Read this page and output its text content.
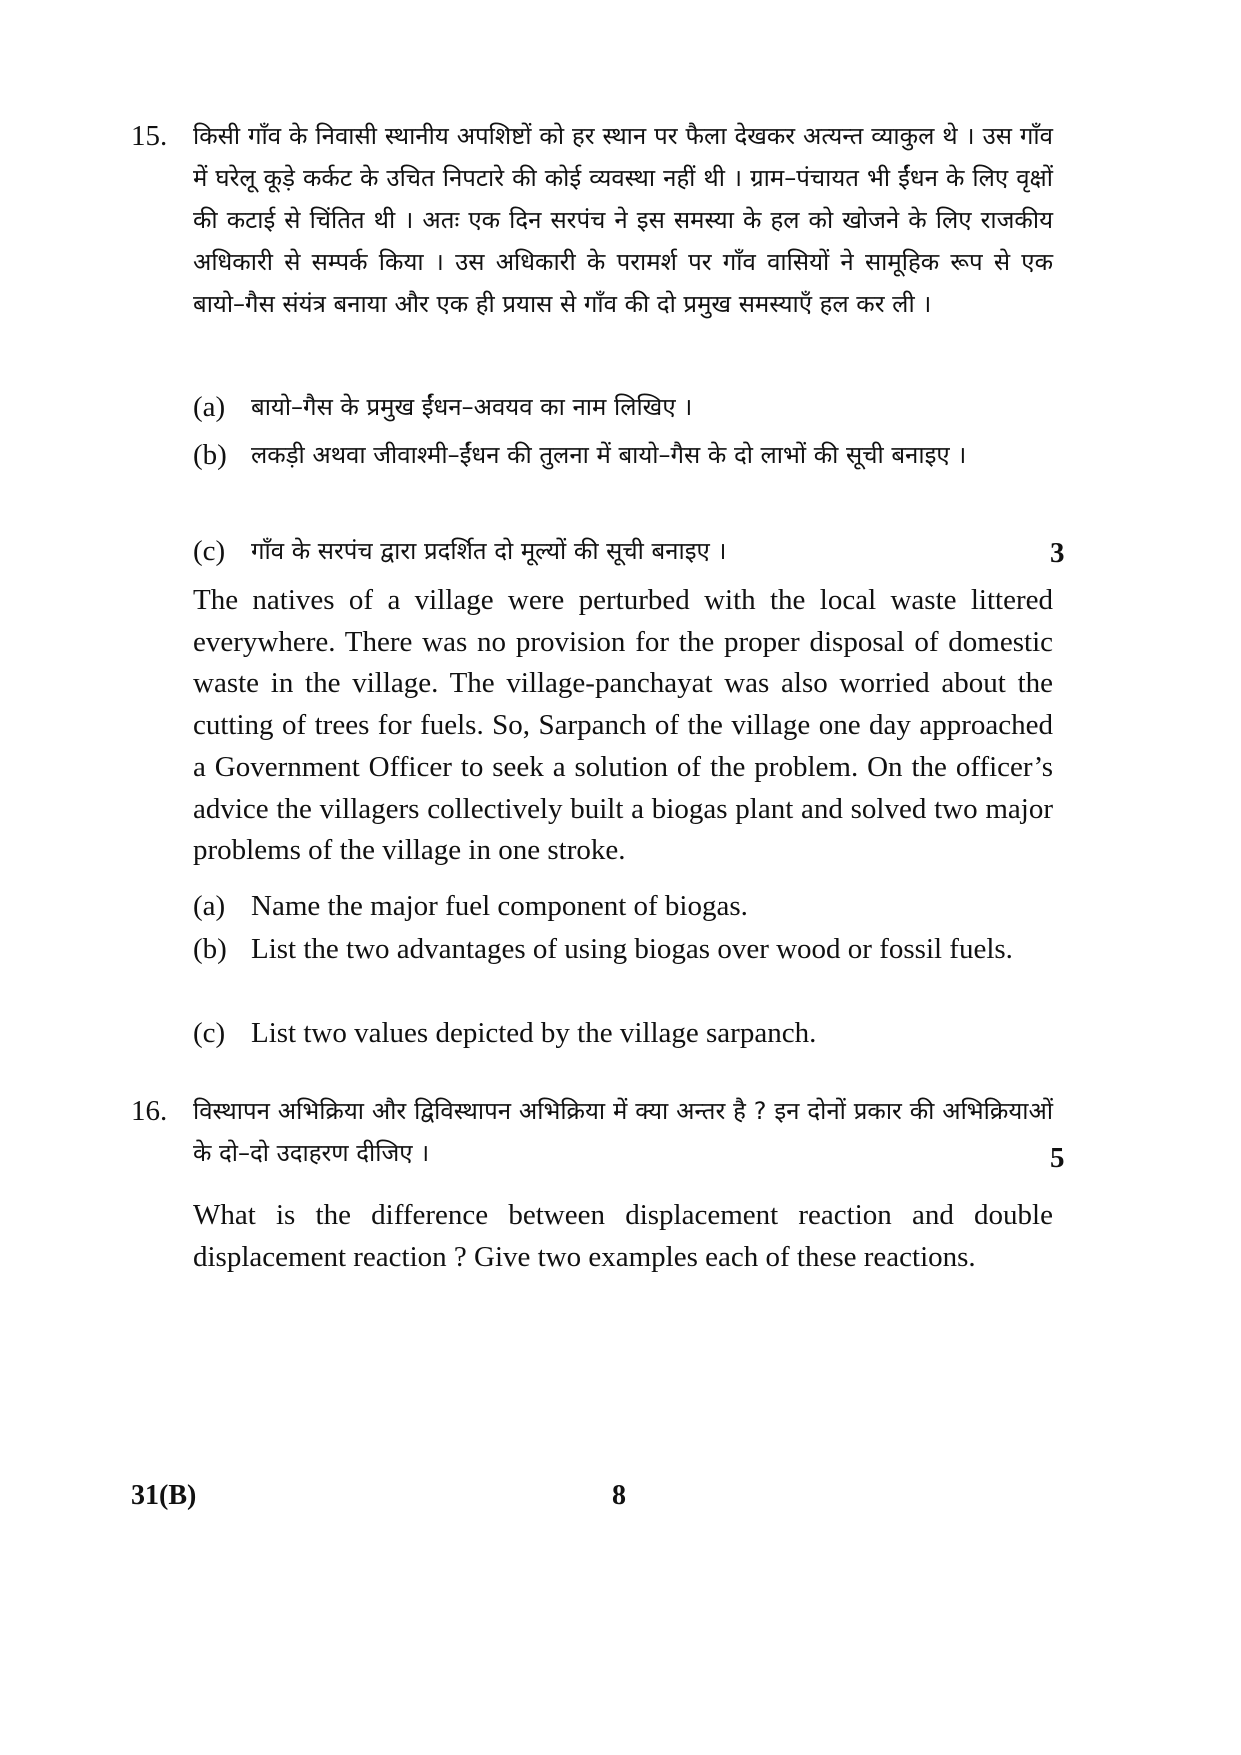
15. किसी गाँव के निवासी स्थानीय अपशिष्टों को हर स्थान पर फैला देखकर अत्यन्त व्याकुल थे । उस गाँव में घरेलू कूड़े कर्कट के उचित निपटारे की कोई व्यवस्था नहीं थी । ग्राम–पंचायत भी ईंधन के लिए वृक्षों की कटाई से चिंतित थी । अतः एक दिन सरपंच ने इस समस्या के हल को खोजने के लिए राजकीय अधिकारी से सम्पर्क किया । उस अधिकारी के परामर्श पर गाँव वासियों ने सामूहिक रूप से एक बायो–गैस संयंत्र बनाया और एक ही प्रयास से गाँव की दो प्रमुख समस्याएँ हल कर ली ।
(a) बायो–गैस के प्रमुख ईंधन–अवयव का नाम लिखिए ।
(b) लकड़ी अथवा जीवाश्मी–ईंधन की तुलना में बायो–गैस के दो लाभों की सूची बनाइए ।
(c) गाँव के सरपंच द्वारा प्रदर्शित दो मूल्यों की सूची बनाइए ।	3
The natives of a village were perturbed with the local waste littered everywhere. There was no provision for the proper disposal of domestic waste in the village. The village-panchayat was also worried about the cutting of trees for fuels. So, Sarpanch of the village one day approached a Government Officer to seek a solution of the problem. On the officer’s advice the villagers collectively built a biogas plant and solved two major problems of the village in one stroke.
(a) Name the major fuel component of biogas.
(b) List the two advantages of using biogas over wood or fossil fuels.
(c) List two values depicted by the village sarpanch.
16. विस्थापन अभिक्रिया और द्विविस्थापन अभिक्रिया में क्या अन्तर है ? इन दोनों प्रकार की अभिक्रियाओं के दो–दो उदाहरण दीजिए ।	5
What is the difference between displacement reaction and double displacement reaction ? Give two examples each of these reactions.
31(B)	8
